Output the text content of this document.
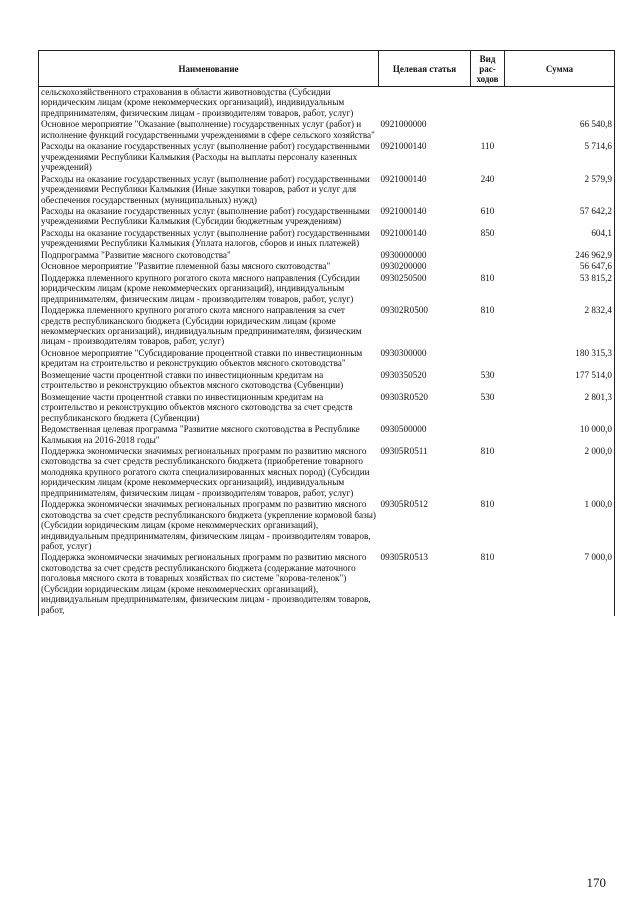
Наименование	Целевая статья	Вид рас-ходов	Сумма
сельскохозяйственного страхования в области животноводства (Субсидии юридическим лицам (кроме некоммерческих организаций), индивидуальным предпринимателям, физическим лицам - производителям товаров, работ, услуг)			
Основное мероприятие "Оказание (выполнение) государственных услуг (работ) и исполнение функций государственными учреждениями в сфере сельского хозяйства"	0921000000		66 540,8
Расходы на оказание государственных услуг (выполнение работ) государственными учреждениями Республики Калмыкия (Расходы на выплаты персоналу казенных учреждений)	0921000140	110	5 714,6
Расходы на оказание государственных услуг (выполнение работ) государственными учреждениями Республики Калмыкия (Иные закупки товаров, работ и услуг для обеспечения государственных (муниципальных) нужд)	0921000140	240	2 579,9
Расходы на оказание государственных услуг (выполнение работ) государственными учреждениями Республики Калмыкия (Субсидии бюджетным учреждениям)	0921000140	610	57 642,2
Расходы на оказание государственных услуг (выполнение работ) государственными учреждениями Республики Калмыкия (Уплата налогов, сборов и иных платежей)	0921000140	850	604,1
Подпрограмма "Развитие мясного скотоводства"	0930000000		246 962,9
Основное мероприятие "Развитие племенной базы мясного скотоводства"	0930200000		56 647,6
Поддержка племенного крупного рогатого скота мясного направления (Субсидии юридическим лицам (кроме некоммерческих организаций), индивидуальным предпринимателям, физическим лицам - производителям товаров, работ, услуг)	0930250500	810	53 815,2
Поддержка племенного крупного рогатого скота мясного направления за счет средств республиканского бюджета (Субсидии юридическим лицам (кроме некоммерческих организаций), индивидуальным предпринимателям, физическим лицам - производителям товаров, работ, услуг)	09302R0500	810	2 832,4
Основное мероприятие "Субсидирование процентной ставки по инвестиционным кредитам на строительство и реконструкцию объектов мясного скотоводства"	0930300000		180 315,3
Возмещение части процентной ставки по инвестиционным кредитам на строительство и реконструкцию объектов мясного скотоводства (Субвенции)	0930350520	530	177 514,0
Возмещение части процентной ставки по инвестиционным кредитам на строительство и реконструкцию объектов мясного скотоводства за счет средств республиканского бюджета (Субвенции)	09303R0520	530	2 801,3
Ведомственная целевая программа "Развитие мясного скотоводства в Республике Калмыкия на 2016-2018 годы"	0930500000		10 000,0
Поддержка экономически значимых региональных программ по развитию мясного скотоводства за счет средств республиканского бюджета (приобретение товарного молодняка крупного рогатого скота специализированных мясных пород) (Субсидии юридическим лицам (кроме некоммерческих организаций), индивидуальным предпринимателям, физическим лицам - производителям товаров, работ, услуг)	09305R0511	810	2 000,0
Поддержка экономически значимых региональных программ по развитию мясного скотоводства за счет средств республиканского бюджета (укрепление кормовой базы) (Субсидии юридическим лицам (кроме некоммерческих организаций), индивидуальным предпринимателям, физическим лицам - производителям товаров, работ, услуг)	09305R0512	810	1 000,0
Поддержка экономически значимых региональных программ по развитию мясного скотоводства за счет средств республиканского бюджета (содержание маточного поголовья мясного скота в товарных хозяйствах по системе "корова-теленок") (Субсидии юридическим лицам (кроме некоммерческих организаций), индивидуальным предпринимателям, физическим лицам - производителям товаров, работ,	09305R0513	810	7 000,0
170
